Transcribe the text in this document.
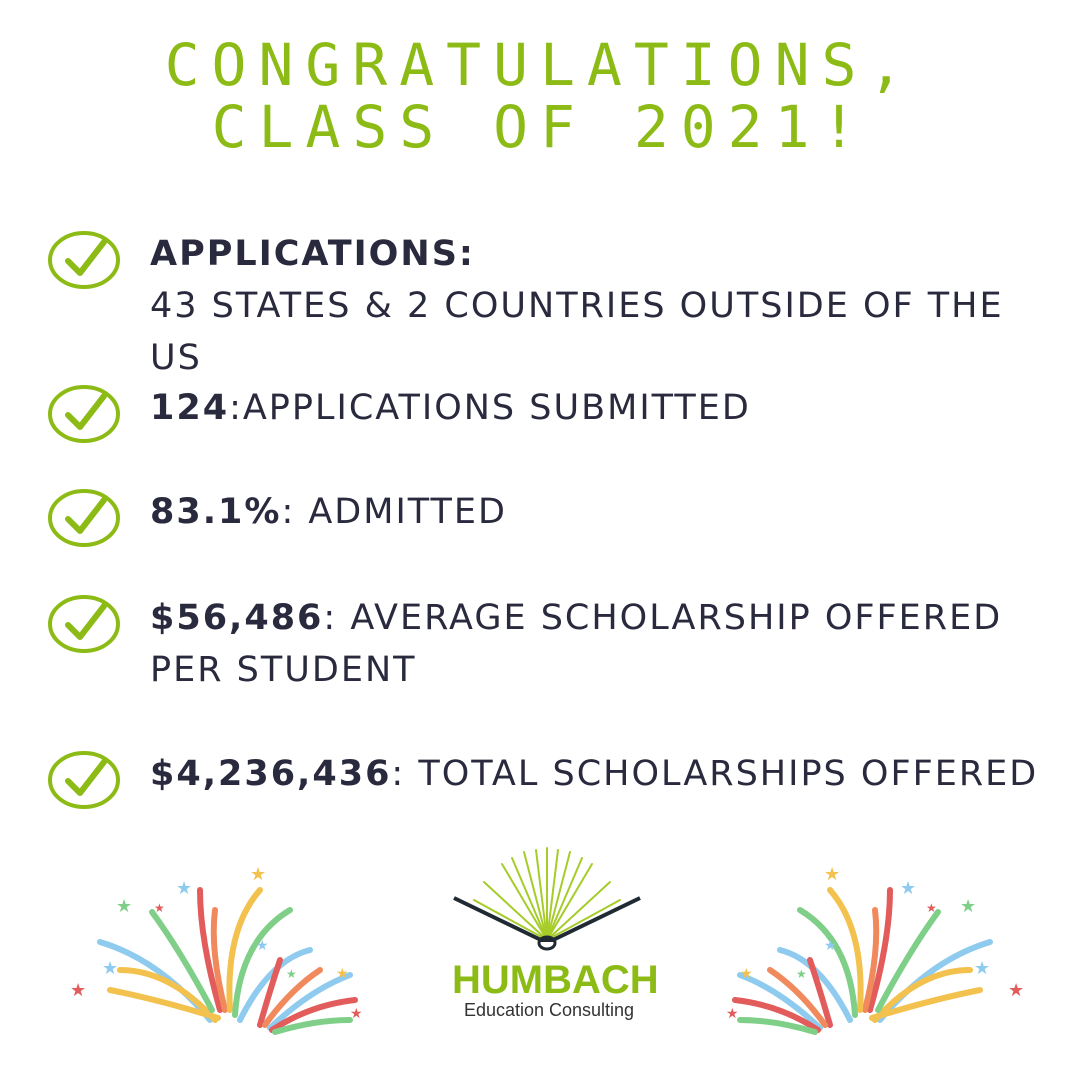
CONGRATULATIONS,
CLASS OF 2021!
APPLICATIONS:
43 STATES & 2 COUNTRIES OUTSIDE OF THE US
124:APPLICATIONS SUBMITTED
83.1%: ADMITTED
$56,486: AVERAGE SCHOLARSHIP OFFERED PER STUDENT
$4,236,436: TOTAL SCHOLARSHIPS OFFERED
★
★
★ ★
★
★
★
★
★
★
★
★
★
★
★
★
★
★
★
★
HUMBACH
Education Consulting
